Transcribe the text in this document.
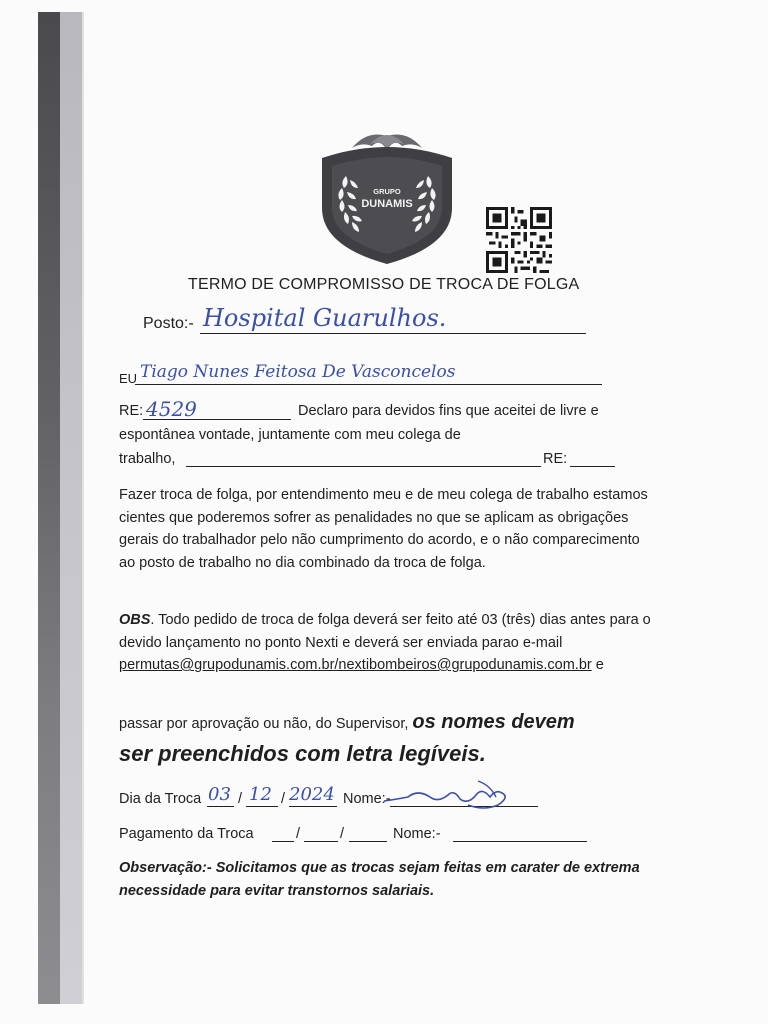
GRUPO
DUNAMIS
TERMO DE COMPROMISSO DE TROCA DE FOLGA
Posto:- Hospital Guarulhos.
EU Tiago Nunes Feitosa De Vasconcelos
RE: 4529	Declaro para devidos fins que aceitei de livre e
espontânea vontade, juntamente com meu colega de
trabalho,	RE:

Fazer troca de folga, por entendimento meu e de meu colega de trabalho estamos cientes que poderemos sofrer as penalidades no que se aplicam as obrigações gerais do trabalhador pelo não cumprimento do acordo, e o não comparecimento ao posto de trabalho no dia combinado da troca de folga.

OBS. Todo pedido de troca de folga deverá ser feito até 03 (três) dias antes para o devido lançamento no ponto Nexti e deverá ser enviada parao e-mail

permutas@grupodunamis.com.br/nextibombeiros@grupodunamis.com.br e

passar por aprovação ou não, do Supervisor, os nomes devem
ser preenchidos com letra legíveis.
Dia da Troca 03 / 12 / 2024 Nome:-
Pagamento da Troca	/	/	Nome:-
Observação:- Solicitamos que as trocas sejam feitas em carater de extrema necessidade para evitar transtornos salariais.
